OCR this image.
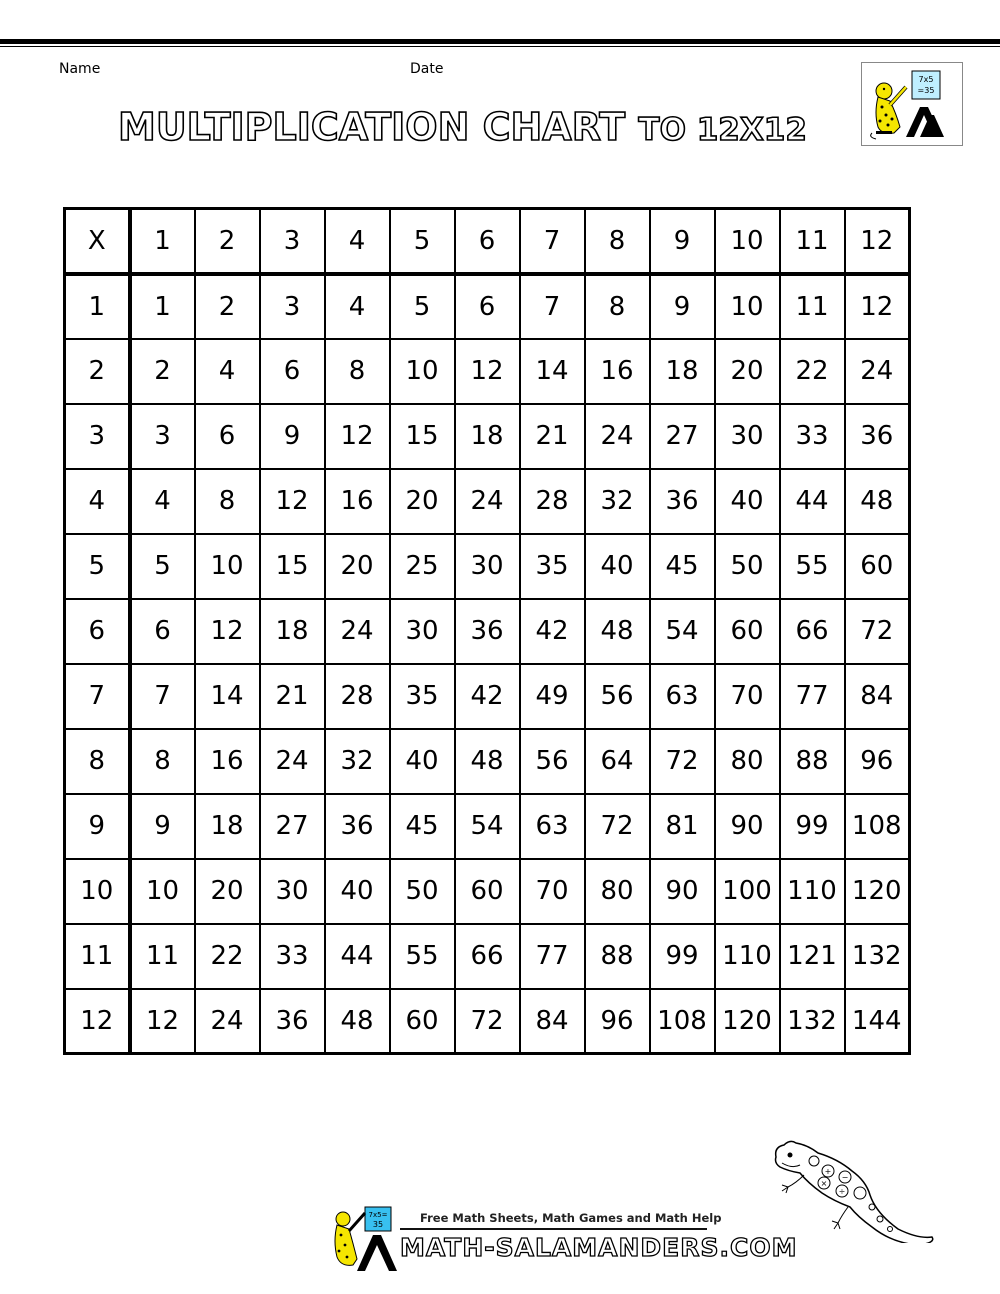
Name	Date
MULTIPLICATION CHART TO 12X12
7x5
=35
X	1	2	3	4	5	6	7	8	9	10	11	12
1	1	2	3	4	5	6	7	8	9	10	11	12
2	2	4	6	8	10	12	14	16	18	20	22	24
3	3	6	9	12	15	18	21	24	27	30	33	36
4	4	8	12	16	20	24	28	32	36	40	44	48
5	5	10	15	20	25	30	35	40	45	50	55	60
6	6	12	18	24	30	36	42	48	54	60	66	72
7	7	14	21	28	35	42	49	56	63	70	77	84
8	8	16	24	32	40	48	56	64	72	80	88	96
9	9	18	27	36	45	54	63	72	81	90	99	108
10	10	20	30	40	50	60	70	80	90	100	110	120
11	11	22	33	44	55	66	77	88	99	110	121	132
12	12	24	36	48	60	72	84	96	108	120	132	144
+
×
−
÷
7x5=
35	Free Math Sheets, Math Games and Math Help
MATH-SALAMANDERS.COM
